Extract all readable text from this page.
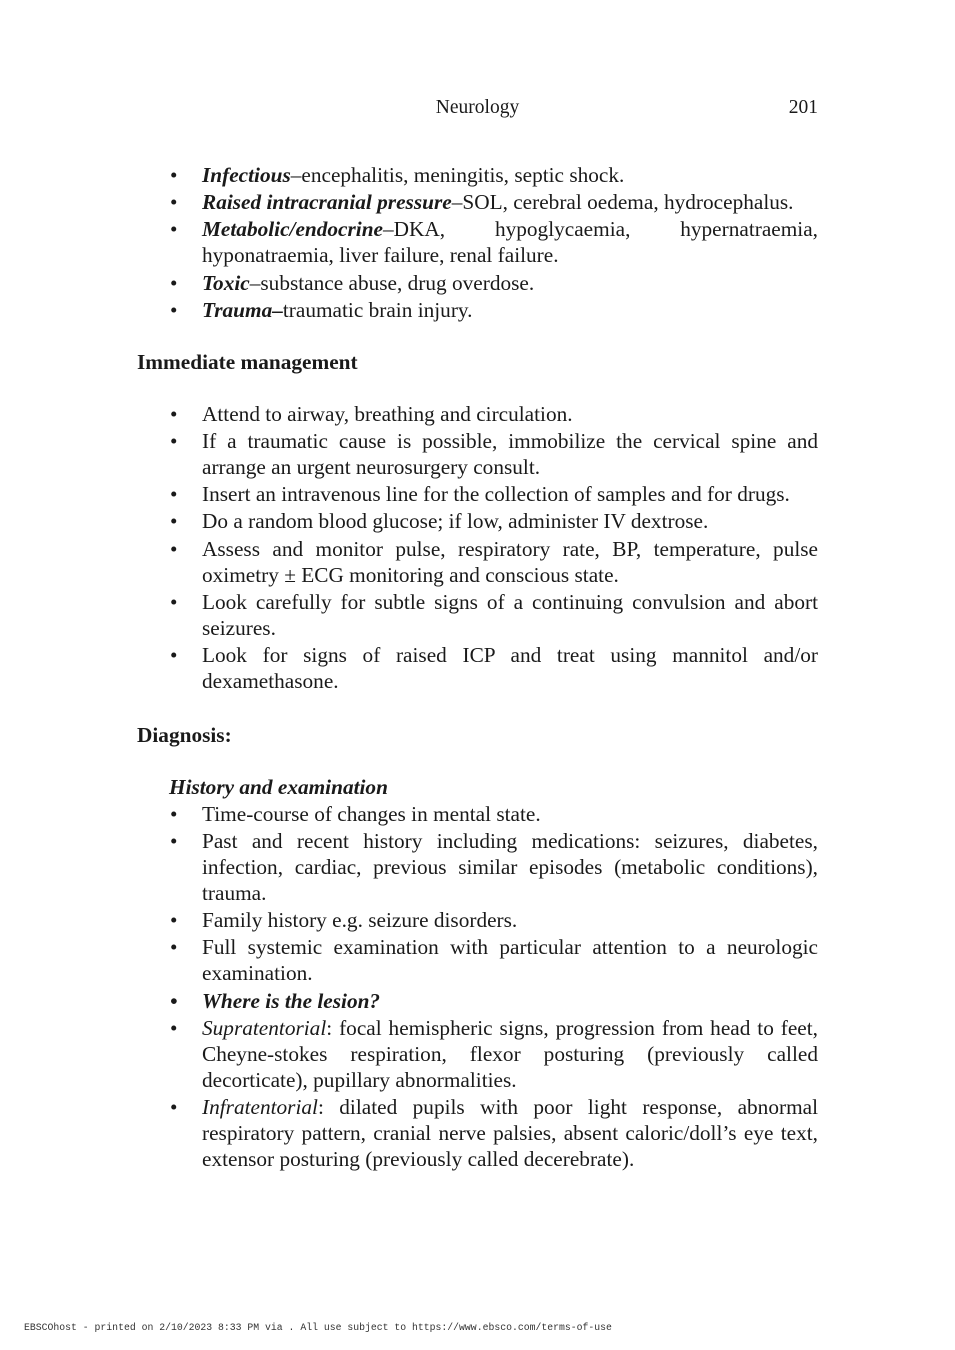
Neurology	201
• Infectious–encephalitis, meningitis, septic shock.
• Raised intracranial pressure–SOL, cerebral oedema, hydrocephalus.
• Metabolic/endocrine–DKA, hypoglycaemia, hypernatraemia, hyponatraemia, liver failure, renal failure.
• Toxic–substance abuse, drug overdose.
• Trauma–traumatic brain injury.
Immediate management
• Attend to airway, breathing and circulation.
• If a traumatic cause is possible, immobilize the cervical spine and arrange an urgent neurosurgery consult.
• Insert an intravenous line for the collection of samples and for drugs.
• Do a random blood glucose; if low, administer IV dextrose.
• Assess and monitor pulse, respiratory rate, BP, temperature, pulse oximetry ± ECG monitoring and conscious state.
• Look carefully for subtle signs of a continuing convulsion and abort seizures.
• Look for signs of raised ICP and treat using mannitol and/or dexamethasone.
Diagnosis:
History and examination
• Time-course of changes in mental state.
• Past and recent history including medications: seizures, diabetes, infection, cardiac, previous similar episodes (metabolic conditions), trauma.
• Family history e.g. seizure disorders.
• Full systemic examination with particular attention to a neurologic examination.
• Where is the lesion?
• Supratentorial: focal hemispheric signs, progression from head to feet, Cheyne-stokes respiration, flexor posturing (previously called decorticate), pupillary abnormalities.
• Infratentorial: dilated pupils with poor light response, abnormal respiratory pattern, cranial nerve palsies, absent caloric/doll’s eye text, extensor posturing (previously called decerebrate).
EBSCOhost - printed on 2/10/2023 8:33 PM via . All use subject to https://www.ebsco.com/terms-of-use
